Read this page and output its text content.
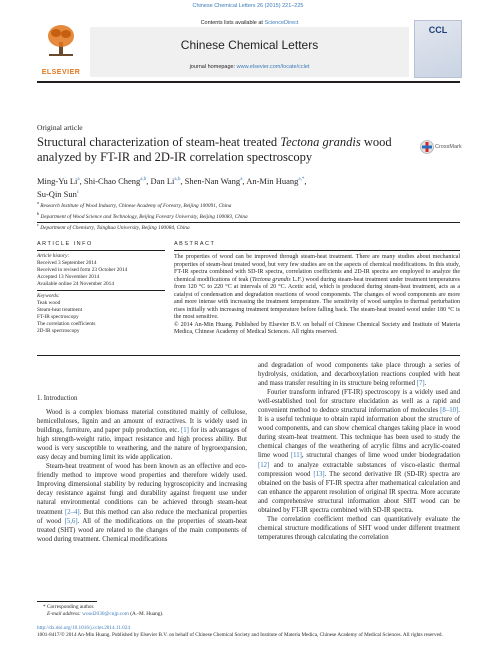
Chinese Chemical Letters 26 (2015) 221–225
ELSEVIER
Contents lists available at ScienceDirect
Chinese Chemical Letters
journal homepage: www.elsevier.com/locate/cclet
CCL
Original article
Structural characterization of steam-heat treated Tectona grandis wood analyzed by FT-IR and 2D-IR correlation spectroscopy
CrossMark
Ming-Yu Li$^a$, Shi-Chao Cheng$^{a,b}$, Dan Li$^{a,b}$, Shen-Nan Wang$^a$, An-Min Huang$^{a,*}$,
Su-Qin Sun$^c$
$^a$ Research Institute of Wood Industry, Chinese Academy of Forestry, Beijing 100091, China
$^b$ Department of Wood Science and Technology, Beijing Forestry University, Beijing 100083, China
$^c$ Department of Chemistry, Tsinghua University, Beijing 100084, China
ARTICLE INFO
Article history:
Received 3 September 2014
Received in revised form 23 October 2014
Accepted 13 November 2014
Available online 24 November 2014
Keywords:
Teak wood
Steam-heat treatment
FT-IR spectroscopy
The correlation coefficients
2D-IR spectroscopy
ABSTRACT
The properties of wood can be improved through steam-heat treatment. There are many studies about mechanical properties of steam-heat treated wood, but very few studies are on the aspects of chemical modifications. In this study, FT-IR spectra combined with SD-IR spectra, correlation coefficients and 2D-IR spectra are employed to analyze the chemical modifications of teak (Tectona grandis L.F.) wood during steam-heat treatment under treatment temperatures from 120 °C to 220 °C at intervals of 20 °C. Acetic acid, which is produced during steam-heat treatment, acts as a catalyst of condensation and degradation reactions of wood components. The changes of wood components are more and more intense with increasing the treatment temperature. The sensitivity of wood samples to thermal perturbation rises initially with increasing treatment temperature before falling back. The steam-heat treated wood under 180 °C is the most sensitive.
© 2014 An-Min Huang. Published by Elsevier B.V. on behalf of Chinese Chemical Society and Institute of Materia Medica, Chinese Academy of Medical Sciences. All rights reserved.
1. Introduction

Wood is a complex biomass material constituted mainly of cellulose, hemicelluloses, lignin and an amount of extractives. It is widely used in buildings, furniture, and paper pulp production, etc. [1] for its advantages of high strength-weight ratio, impact resistance and high process ability. But wood is very susceptible to weathering, and the nature of hygroexpansion, easy decay and burning limit its wide application.

Steam-heat treatment of wood has been known as an effective and eco-friendly method to improve wood properties and therefore widely used. Improving dimensional stability by reducing hygroscopicity and increasing decay resistance against fungi and durability against frequent use under natural environmental conditions can be achieved through steam-heat treatment [2–4]. But this method can also reduce the mechanical properties of wood [5,6]. All of the modifications on the properties of steam-heat treated (SHT) wood are related to the changes of the main components of wood during treatment. Chemical modifications

* Corresponding author.
E-mail address: wood2030@cnjp.com (A.-M. Huang).

and degradation of wood components take place through a series of hydrolysis, oxidation, and decarboxylation reactions coupled with heat and mass transfer resulting in its structure being reformed [7].

Fourier transform infrared (FT-IR) spectroscopy is a widely used and well-established tool for structure elucidation as well as a rapid and convenient method to deduce structural information of molecules [8–10]. It is a useful technique to obtain rapid information about the structure of wood components, and can show chemical changes taking place in wood during steam-heat treatment. This technique has been used to study the chemical changes of the weathering of acrylic films and acrylic-coated lime wood [11], structural changes of lime wood under biodegradation [12] and to analyze extractable substances of visco-elastic thermal compression wood [13]. The second derivative IR (SD-IR) spectra are obtained on the basis of FT-IR spectra after mathematical calculation and can enhance the apparent resolution of original IR spectra. More accurate and comprehensive structural information about SHT wood can be obtained by FT-IR spectra combined with SD-IR spectra.

The correlation coefficient method can quantitatively evaluate the chemical structure modifications of SHT wood under different treatment temperatures through calculating the correlation

http://dx.doi.org/10.1016/j.cclet.2014.11.024
1001-8417/© 2014 An-Min Huang. Published by Elsevier B.V. on behalf of Chinese Chemical Society and Institute of Materia Medica, Chinese Academy of Medical Sciences. All rights reserved.
